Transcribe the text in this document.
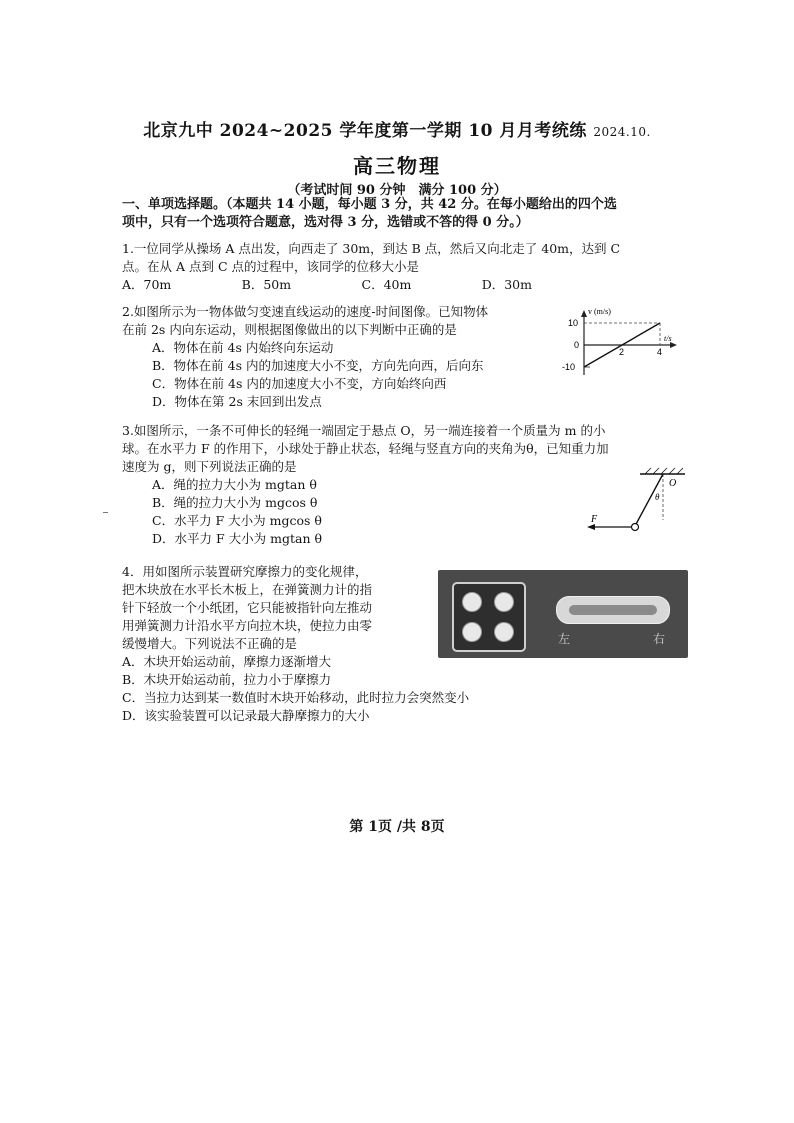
北京九中 2024~2025 学年度第一学期 10 月月考统练 2024.10.
高三物理
（考试时间 90 分钟　满分 100 分）
一、单项选择题。（本题共 14 小题，每小题 3 分，共 42 分。在每小题给出的四个选
项中，只有一个选项符合题意，选对得 3 分，选错或不答的得 0 分。）
1.一位同学从操场 A 点出发，向西走了 30m，到达 B 点，然后又向北走了 40m，达到 C
点。在从 A 点到 C 点的过程中，该同学的位移大小是
A．70m	B．50m	C．40m	D．30m
2.如图所示为一物体做匀变速直线运动的速度-时间图像。已知物体
在前 2s 内向东运动，则根据图像做出的以下判断中正确的是
A．物体在前 4s 内始终向东运动
B．物体在前 4s 内的加速度大小不变，方向先向西，后向东
C．物体在前 4s 内的加速度大小不变，方向始终向西
D．物体在第 2s 末回到出发点
v (m/s)
t/s
10
0
-10
2	4
3.如图所示，一条不可伸长的轻绳一端固定于悬点 O，另一端连接着一个质量为 m 的小
球。在水平力 F 的作用下，小球处于静止状态，轻绳与竖直方向的夹角为θ，已知重力加
速度为 g，则下列说法正确的是
A．绳的拉力大小为 mgtan θ
B．绳的拉力大小为 mgcos θ
C．水平力 F 大小为 mgcos θ
D．水平力 F 大小为 mgtan θ
O
θ
F
4．用如图所示装置研究摩擦力的变化规律，
把木块放在水平长木板上，在弹簧测力计的指
针下轻放一个小纸团，它只能被指针向左推动
用弹簧测力计沿水平方向拉木块，使拉力由零
缓慢增大。下列说法不正确的是
A．木块开始运动前，摩擦力逐渐增大
B．木块开始运动前，拉力小于摩擦力
C．当拉力达到某一数值时木块开始移动，此时拉力会突然变小
D．该实验装置可以记录最大静摩擦力的大小
左	右
第 1页 /共 8页
